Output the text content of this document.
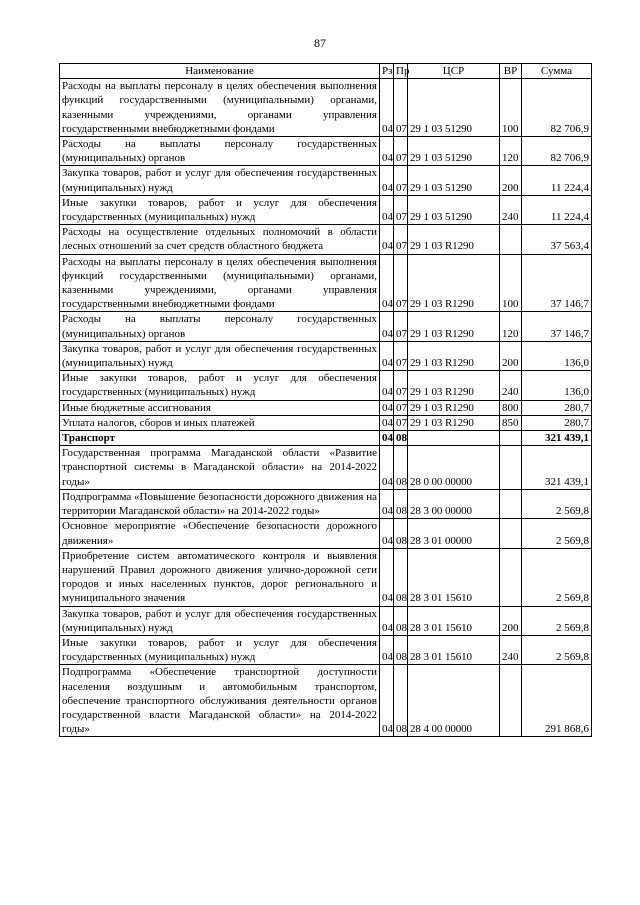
87
Наименование	Рз	Пр	ЦСР	ВР	Сумма
Расходы на выплаты персоналу в целях обеспечения выполнения функций государственными (муниципальными) органами, казенными учреждениями, органами управления государственными внебюджетными фондами	04	07	29 1 03 51290	100	82 706,9
Расходы на выплаты персоналу государственных (муниципальных) органов	04	07	29 1 03 51290	120	82 706,9
Закупка товаров, работ и услуг для обеспечения государственных (муниципальных) нужд	04	07	29 1 03 51290	200	11 224,4
Иные закупки товаров, работ и услуг для обеспечения государственных (муниципальных) нужд	04	07	29 1 03 51290	240	11 224,4
Расходы на осуществление отдельных полномочий в области лесных отношений за счет средств областного бюджета	04	07	29 1 03 R1290		37 563,4
Расходы на выплаты персоналу в целях обеспечения выполнения функций государственными (муниципальными) органами, казенными учреждениями, органами управления государственными внебюджетными фондами	04	07	29 1 03 R1290	100	37 146,7
Расходы на выплаты персоналу государственных (муниципальных) органов	04	07	29 1 03 R1290	120	37 146,7
Закупка товаров, работ и услуг для обеспечения государственных (муниципальных) нужд	04	07	29 1 03 R1290	200	136,0
Иные закупки товаров, работ и услуг для обеспечения государственных (муниципальных) нужд	04	07	29 1 03 R1290	240	136,0
Иные бюджетные ассигнования	04	07	29 1 03 R1290	800	280,7
Уплата налогов, сборов и иных платежей	04	07	29 1 03 R1290	850	280,7
Транспорт	04	08			321 439,1
Государственная программа Магаданской области «Развитие транспортной системы в Магаданской области» на 2014-2022 годы»	04	08	28 0 00 00000		321 439,1
Подпрограмма «Повышение безопасности дорожного движения на территории Магаданской области» на 2014-2022 годы»	04	08	28 3 00 00000		2 569,8
Основное мероприятие «Обеспечение безопасности дорожного движения»	04	08	28 3 01 00000		2 569,8
Приобретение систем автоматического контроля и выявления нарушений Правил дорожного движения улично-дорожной сети городов и иных населенных пунктов, дорог регионального и муниципального значения	04	08	28 3 01 15610		2 569,8
Закупка товаров, работ и услуг для обеспечения государственных (муниципальных) нужд	04	08	28 3 01 15610	200	2 569,8
Иные закупки товаров, работ и услуг для обеспечения государственных (муниципальных) нужд	04	08	28 3 01 15610	240	2 569,8
Подпрограмма «Обеспечение транспортной доступности населения воздушным и автомобильным транспортом, обеспечение транспортного обслуживания деятельности органов государственной власти Магаданской области» на 2014-2022 годы»	04	08	28 4 00 00000		291 868,6
